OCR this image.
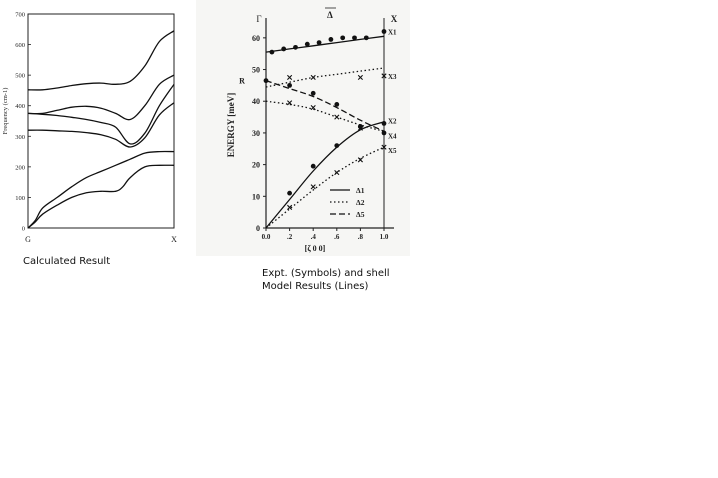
0
100
200
300
400
500
600
700
G	X
Frequency (cm-1)
0
10
20
30
40
50
60
0.0 .2	.4	.6	.8 1.0
[ζ 0 0]
ENERGY [meV]
Γ	Δ	X
R
X1
X3
X2
X4
X5
Δ1
Δ2
Δ5
Calculated Result
Expt. (Symbols) and shell Model Results (Lines)
